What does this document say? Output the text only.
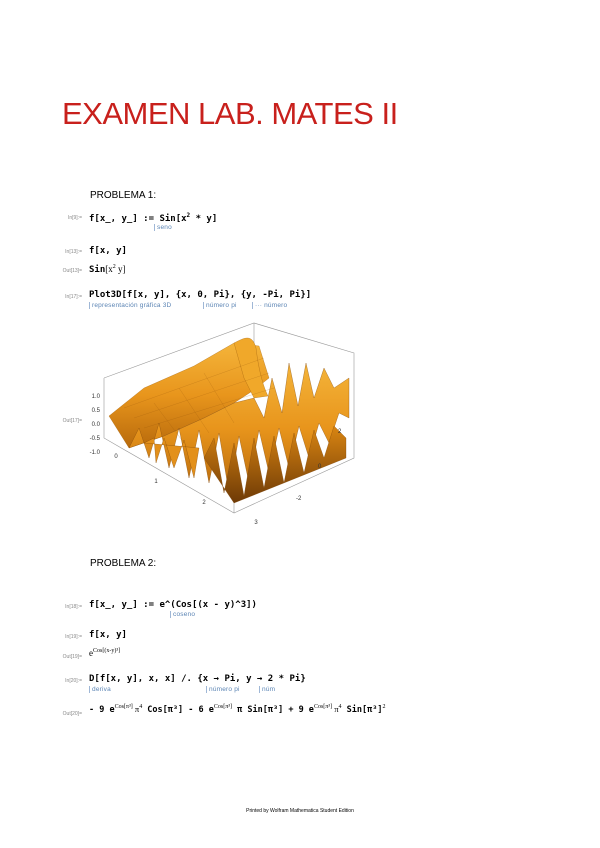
EXAMEN LAB. MATES II
PROBLEMA 1:
In[9]:= f[x_, y_] := $Sin[x^2 * y]$
seno
In[13]:= f[x, y]
$Out[13]= Sin[x^2$ y]
In[17]:= Plot3D[f[x, y], {x, 0, Pi}, {y, -Pi, Pi}]
representación gráfica 3D	número pi	··· número
Out[17]=
1.0
0.5
0.0
-0.5
-1.0
0
1
2
3
2
0
-2
PROBLEMA 2:
In[18]:= f[x_, y_] := e^(Cos[(x - y)^3])
coseno
In[19]:= f[x, y]
$Out[19]= e^{Cos[(x-y)^3]}$
In[20]:= D[f[x, y], x, x] /. {x → Pi, y → 2 * Pi}
deriva	número pi	núm
Out[20]= - 9 $e^{Cos[\pi^3]}$ $\pi^4$ Cos[π³] - 6 $e^{Cos[\pi^3]}$ π Sin[π³] + 9 $e^{Cos[\pi^3]}$ $\pi^4$ $Sin[\pi^3]^2$
Printed by Wolfram Mathematica Student Edition
